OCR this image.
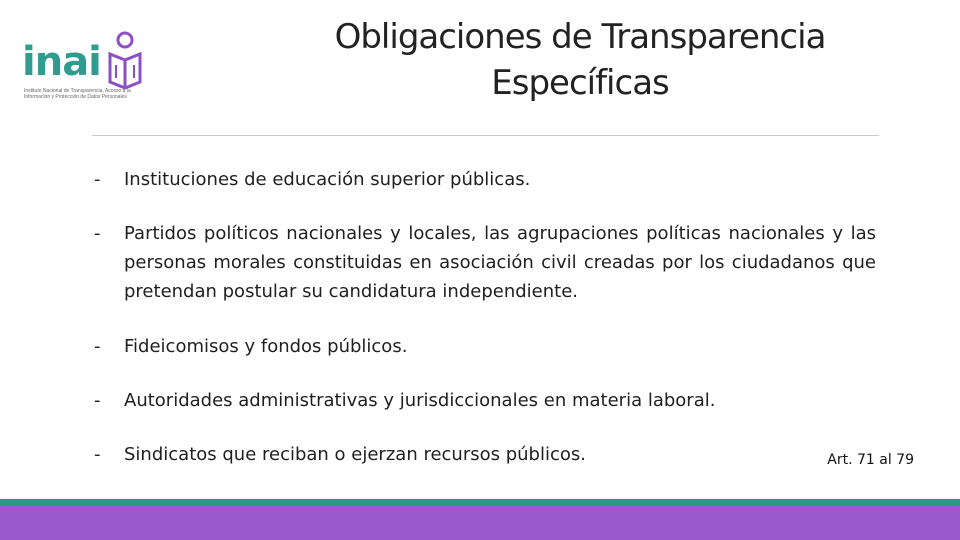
inai
Instituto Nacional de Transparencia, Acceso a la
Información y Protección de Datos Personales
Obligaciones de Transparencia
Específicas
- Instituciones de educación superior públicas.
- Partidos políticos nacionales y locales, las agrupaciones políticas nacionales y las personas morales constituidas en asociación civil creadas por los ciudadanos que pretendan postular su candidatura independiente.
- Fideicomisos y fondos públicos.
- Autoridades administrativas y jurisdiccionales en materia laboral.
- Sindicatos que reciban o ejerzan recursos públicos.	Art. 71 al 79
